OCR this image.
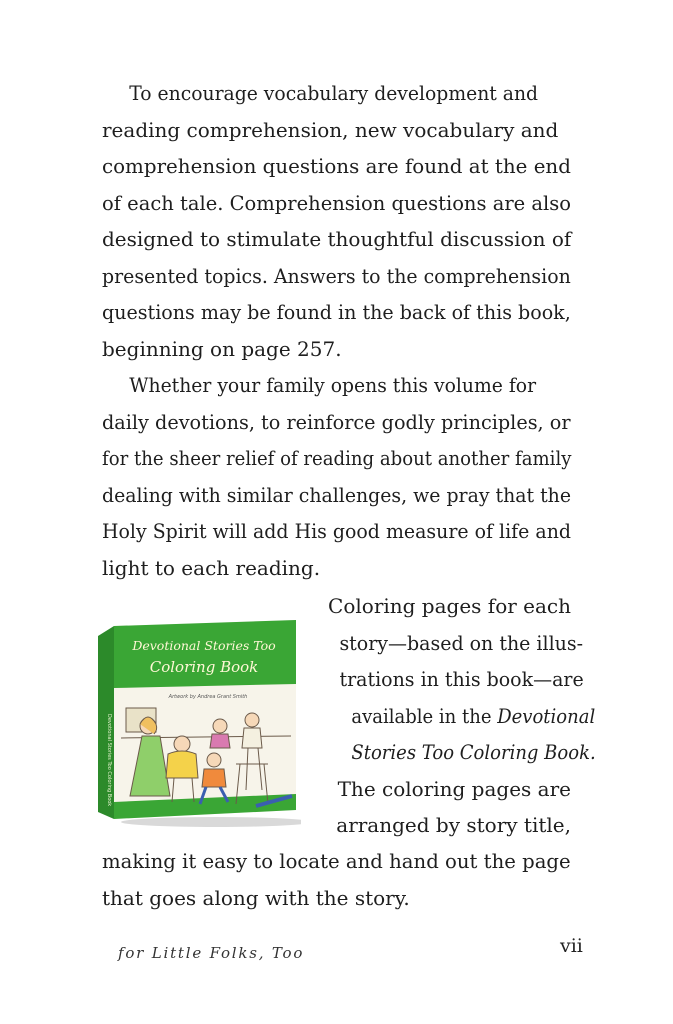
To encourage vocabulary development and
reading comprehension, new vocabulary and
comprehension questions are found at the end
of each tale. Comprehension questions are also
designed to stimulate thoughtful discussion of
presented topics. Answers to the comprehension
questions may be found in the back of this book,
beginning on page 257.
Whether your family opens this volume for
daily devotions, to reinforce godly principles, or
for the sheer relief of reading about another family
dealing with similar challenges, we pray that the
Holy Spirit will add His good measure of life and
light to each reading.
Devotional Stories Too
Coloring Book
Artwork by Andrea Grant Smith
Devotional Stories Too Coloring Book
Coloring pages for each
story—based on the illus-
trations in this book—are
available in the Devotional
Stories Too Coloring Book.
The coloring pages are
arranged by story title,
making it easy to locate and hand out the page
that goes along with the story.
for Little Folks, Too	vii
